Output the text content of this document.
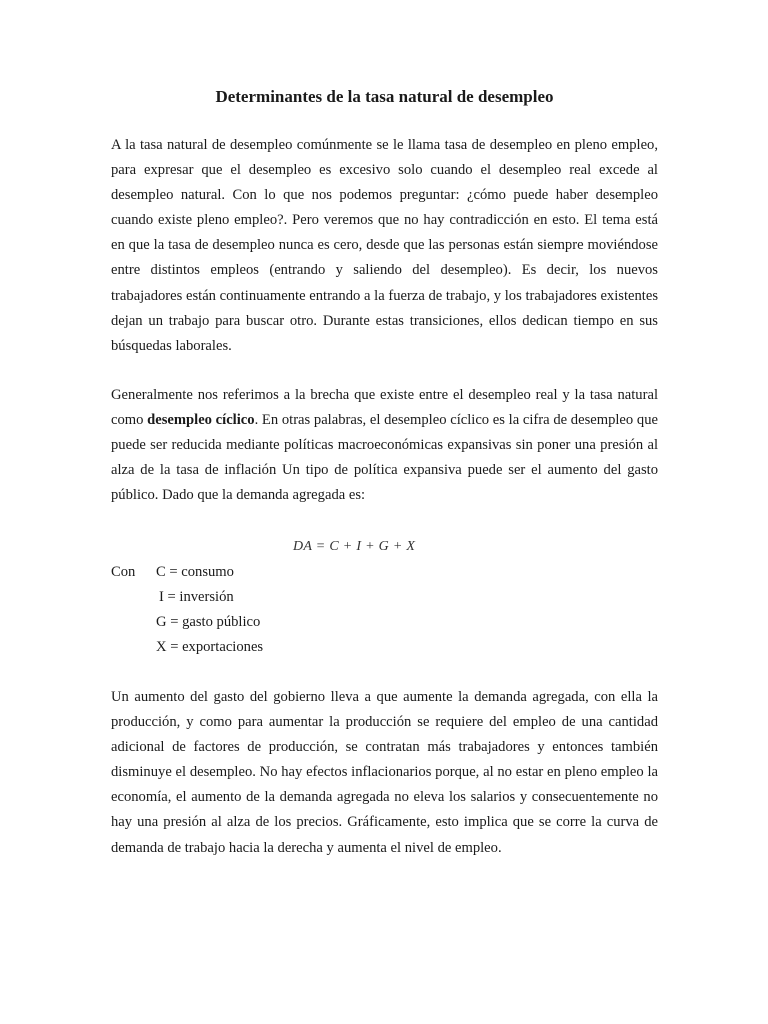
Determinantes de la tasa natural de desempleo

A la tasa natural de desempleo comúnmente se le llama tasa de desempleo en pleno empleo, para expresar que el desempleo es excesivo solo cuando el desempleo real excede al desempleo natural. Con lo que nos podemos preguntar: ¿cómo puede haber desempleo cuando existe pleno empleo?. Pero veremos que no hay contradicción en esto. El tema está en que la tasa de desempleo nunca es cero, desde que las personas están siempre moviéndose entre distintos empleos (entrando y saliendo del desempleo). Es decir, los nuevos trabajadores están continuamente entrando a la fuerza de trabajo, y los trabajadores existentes dejan un trabajo para buscar otro. Durante estas transiciones, ellos dedican tiempo en sus búsquedas laborales.

Generalmente nos referimos a la brecha que existe entre el desempleo real y la tasa natural como desempleo cíclico. En otras palabras, el desempleo cíclico es la cifra de desempleo que puede ser reducida mediante políticas macroeconómicas expansivas sin poner una presión al alza de la tasa de inflación Un tipo de política expansiva puede ser el aumento del gasto público. Dado que la demanda agregada es:

DA = C + I + G + X
Con C = consumo
I = inversión
G = gasto público
X = exportaciones

Un aumento del gasto del gobierno lleva a que aumente la demanda agregada, con ella la producción, y como para aumentar la producción se requiere del empleo de una cantidad adicional de factores de producción, se contratan más trabajadores y entonces también disminuye el desempleo. No hay efectos inflacionarios porque, al no estar en pleno empleo la economía, el aumento de la demanda agregada no eleva los salarios y consecuentemente no hay una presión al alza de los precios. Gráficamente, esto implica que se corre la curva de demanda de trabajo hacia la derecha y aumenta el nivel de empleo.
